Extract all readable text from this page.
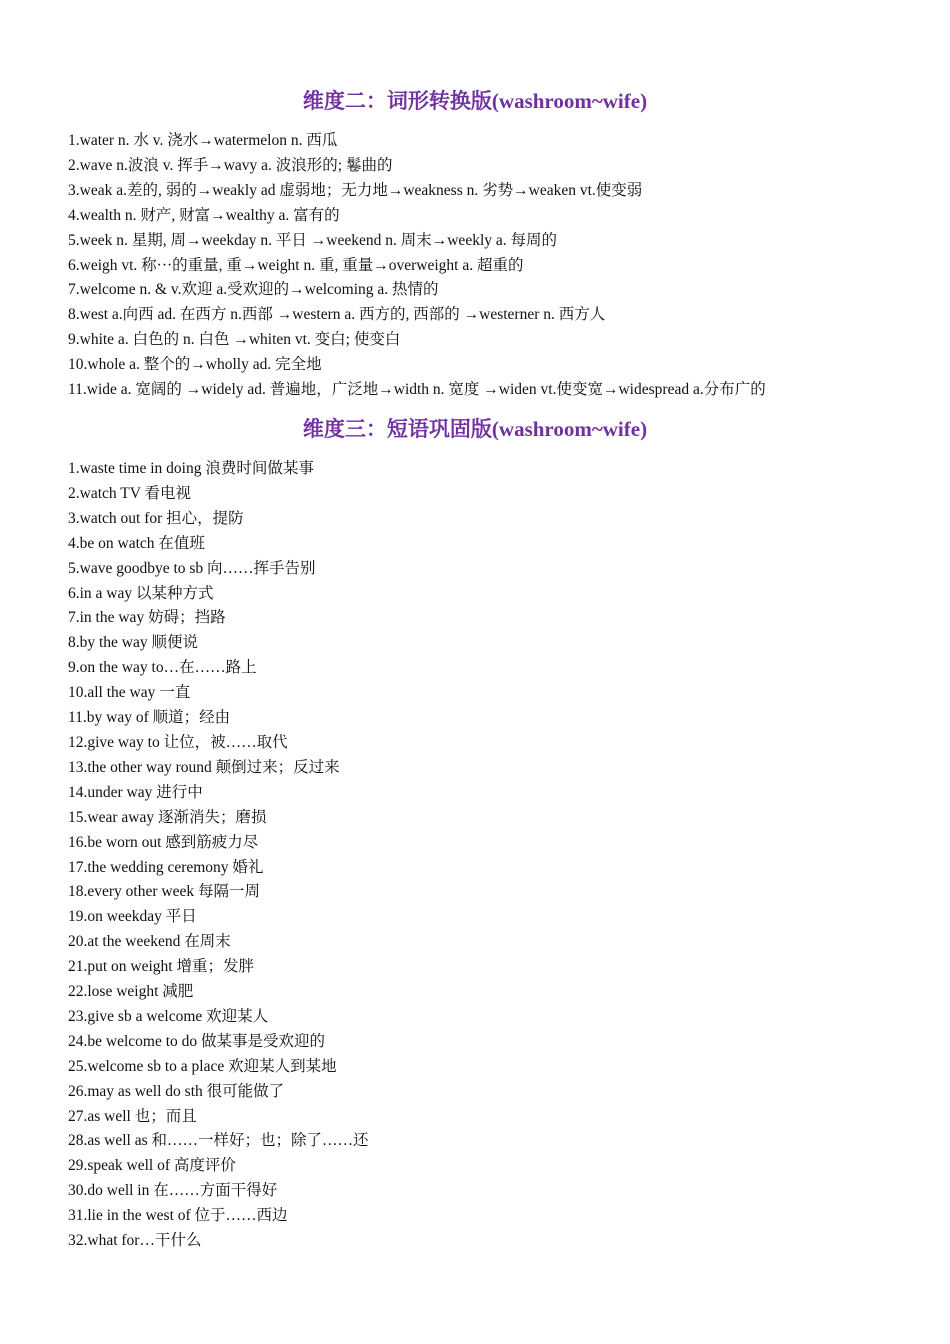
维度二：词形转换版(washroom~wife)
1.water n. 水 v. 浇水→watermelon n. 西瓜
2.wave n.波浪 v. 挥手→wavy a. 波浪形的; 鬈曲的
3.weak a.差的, 弱的→weakly ad 虚弱地；无力地→weakness n. 劣势→weaken vt.使变弱
4.wealth n. 财产, 财富→wealthy a. 富有的
5.week n. 星期, 周→weekday n. 平日 →weekend n. 周末→weekly a. 每周的
6.weigh vt. 称···的重量, 重→weight n. 重, 重量→overweight a. 超重的
7.welcome n. & v.欢迎 a.受欢迎的→welcoming a. 热情的
8.west a.向西 ad. 在西方 n.西部 →western a. 西方的, 西部的 →westerner n. 西方人
9.white a. 白色的 n. 白色 →whiten vt. 变白; 使变白
10.whole a. 整个的→wholly ad. 完全地
11.wide a. 宽阔的 →widely ad. 普遍地，广泛地→width n. 宽度 →widen vt.使变宽→widespread a.分布广的
维度三：短语巩固版(washroom~wife)
1.waste time in doing 浪费时间做某事
2.watch TV 看电视
3.watch out for 担心，提防
4.be on watch 在值班
5.wave goodbye to sb 向……挥手告别
6.in a way 以某种方式
7.in the way 妨碍；挡路
8.by the way 顺便说
9.on the way to…在……路上
10.all the way 一直
11.by way of 顺道；经由
12.give way to 让位，被……取代
13.the other way round 颠倒过来；反过来
14.under way 进行中
15.wear away 逐渐消失；磨损
16.be worn out 感到筋疲力尽
17.the wedding ceremony 婚礼
18.every other week 每隔一周
19.on weekday 平日
20.at the weekend 在周末
21.put on weight 增重；发胖
22.lose weight 减肥
23.give sb a welcome 欢迎某人
24.be welcome to do 做某事是受欢迎的
25.welcome sb to a place 欢迎某人到某地
26.may as well do sth 很可能做了
27.as well 也；而且
28.as well as 和……一样好；也；除了……还
29.speak well of 高度评价
30.do well in 在……方面干得好
31.lie in the west of 位于……西边
32.what for…干什么
